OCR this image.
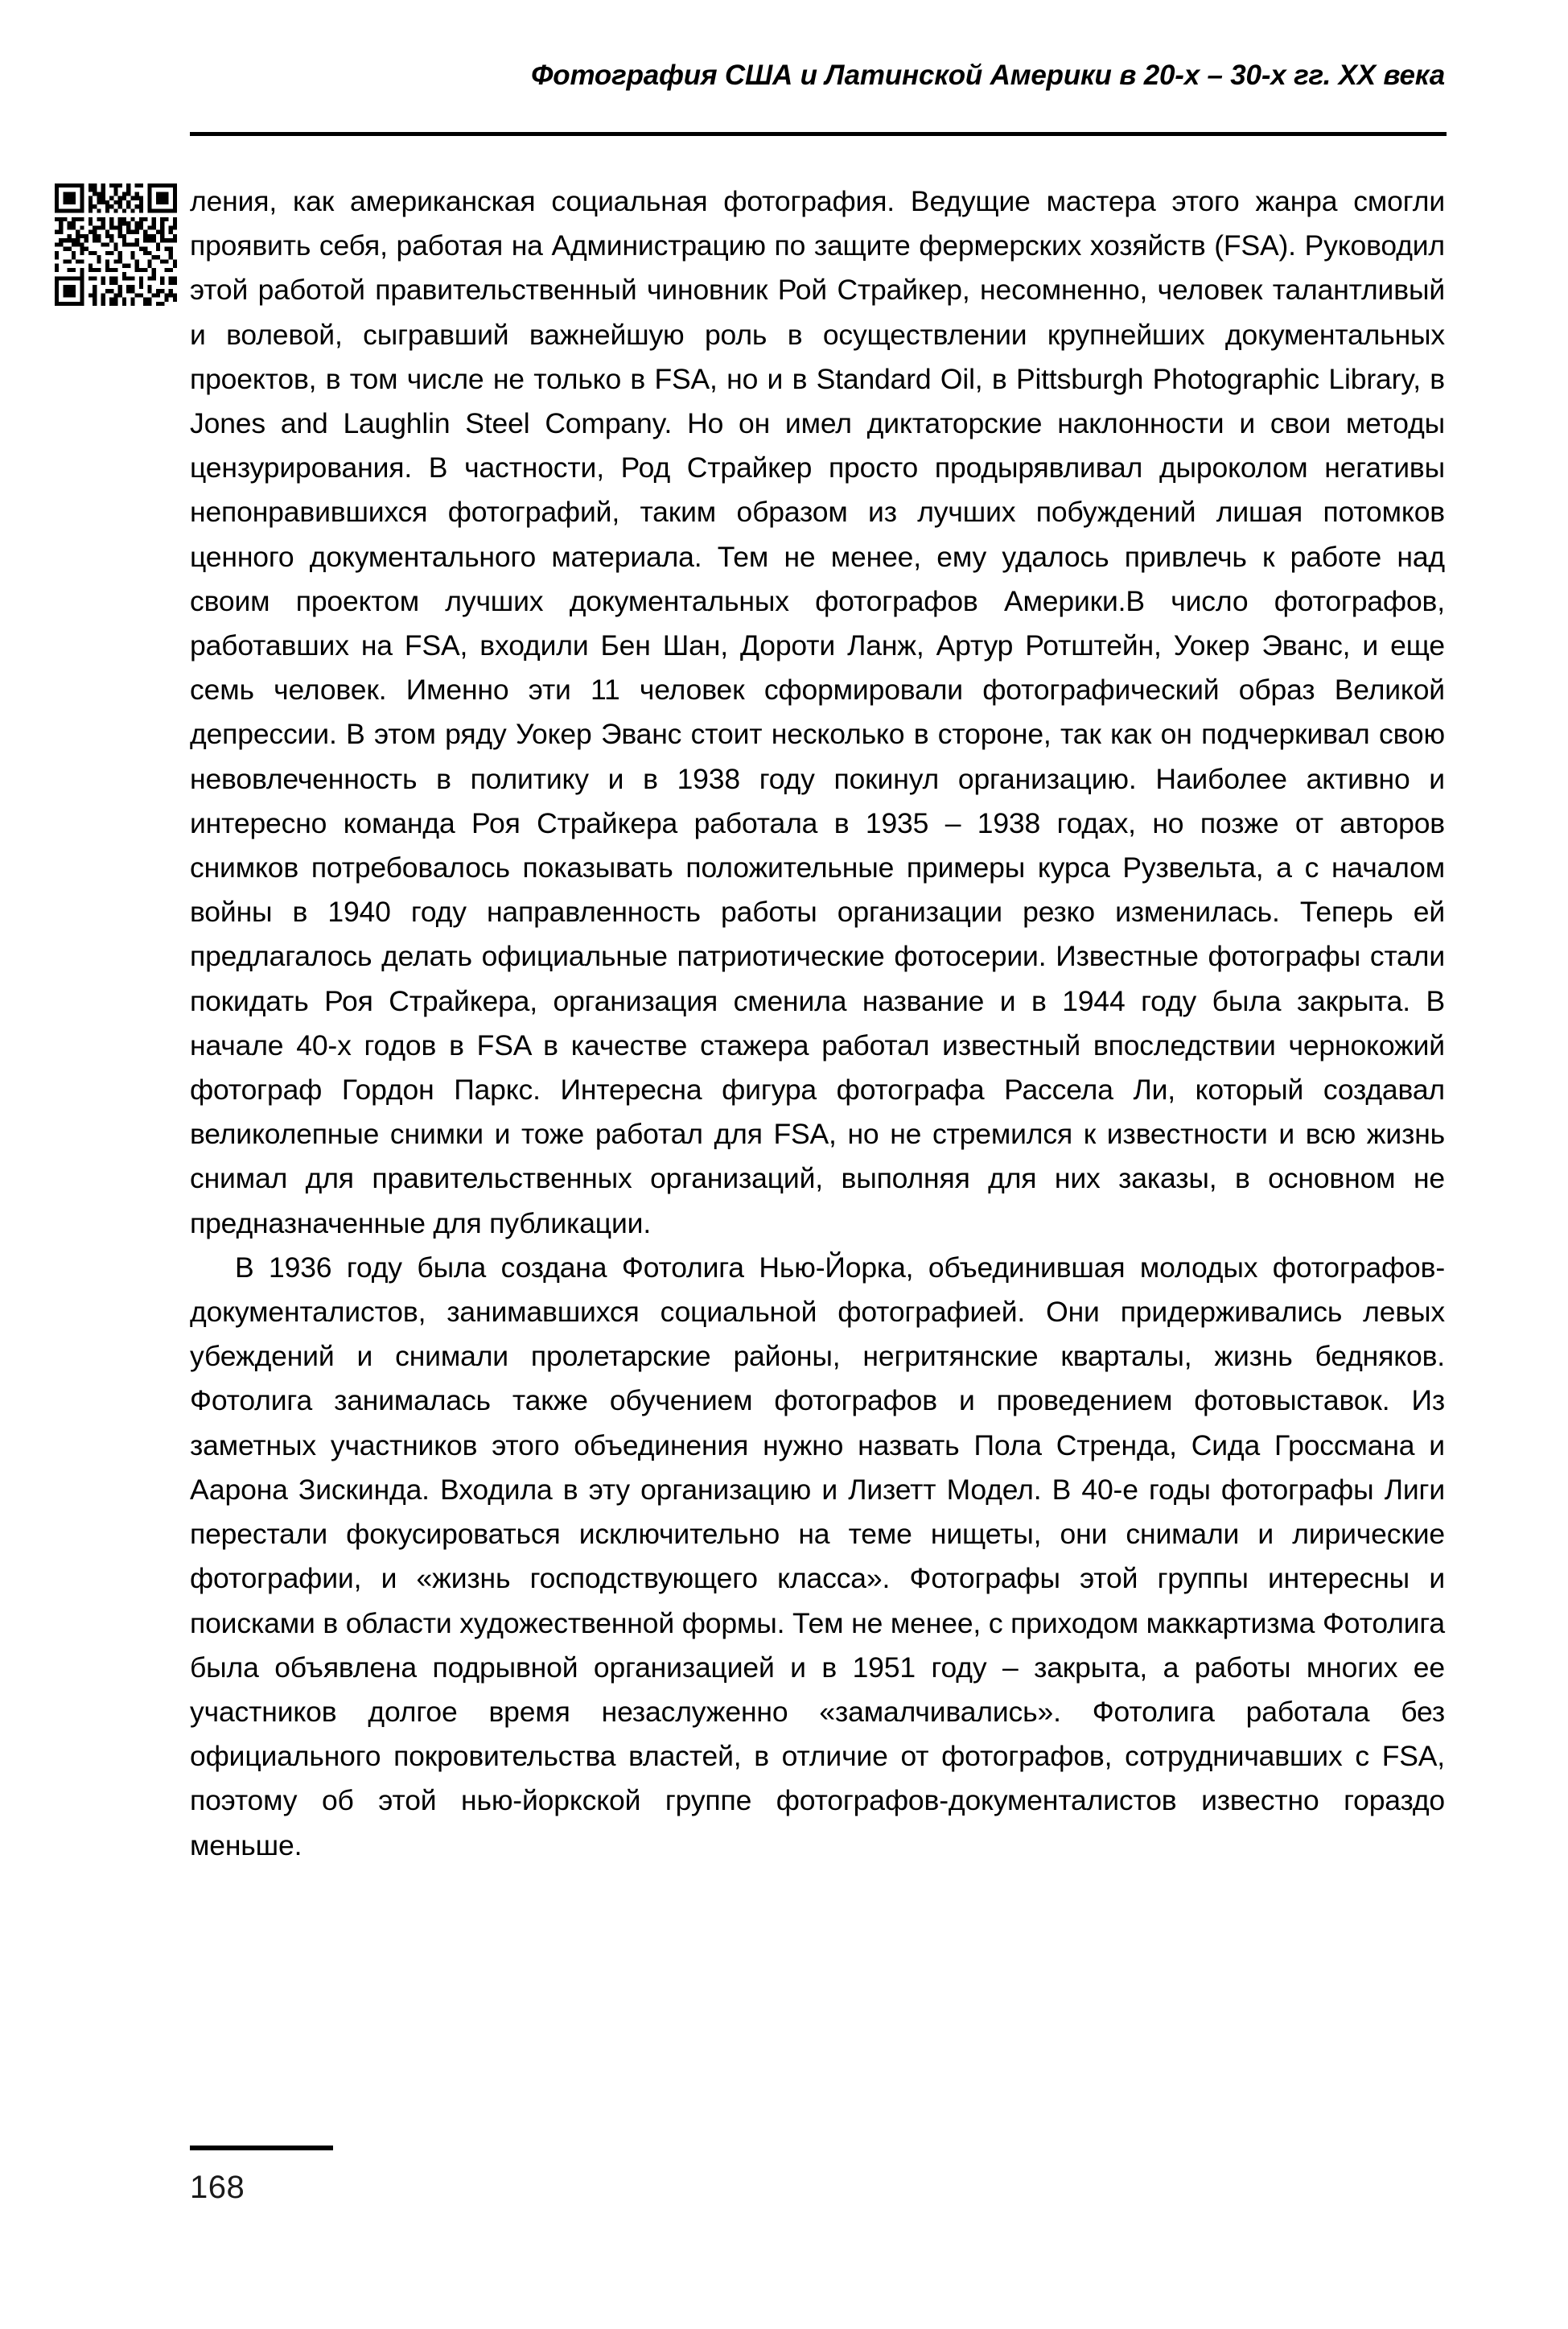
Фотография США и Латинской Америки в 20-х – 30-х гг. XX века

ления, как американская социальная фотография. Ведущие мастера этого жанра смогли проявить себя, работая на Администрацию по защите фермерских хозяйств (FSA). Руководил этой работой правительственный чиновник Рой Страйкер, несомненно, человек талантливый и волевой, сыгравший важнейшую роль в осуществлении крупнейших документальных проектов, в том числе не только в FSA, но и в Standard Oil, в Pittsburgh Photographic Library, в Jones and Laughlin Steel Company. Но он имел диктаторские наклонности и свои методы цензурирования. В частности, Род Страйкер просто продырявливал дыроколом негативы непонравившихся фотографий, таким образом из лучших побуждений лишая потомков ценного документального материала. Тем не менее, ему удалось привлечь к работе над своим проектом лучших документальных фотографов Америки.В число фотографов, работавших на FSA, входили Бен Шан, Дороти Ланж, Артур Ротштейн, Уокер Эванс, и еще семь человек. Именно эти 11 человек сформировали фотографический образ Великой депрессии. В этом ряду Уокер Эванс стоит несколько в стороне, так как он подчеркивал свою невовлеченность в политику и в 1938 году покинул организацию. Наиболее активно и интересно команда Роя Страйкера работала в 1935 – 1938 годах, но позже от авторов снимков потребовалось показывать положительные примеры курса Рузвельта, а с началом войны в 1940 году направленность работы организации резко изменилась. Теперь ей предлагалось делать официальные патриотические фотосерии. Известные фотографы стали покидать Роя Страйкера, организация сменила название и в 1944 году была закрыта. В начале 40-х годов в FSA в качестве стажера работал известный впоследствии чернокожий фотограф Гордон Паркс. Интересна фигура фотографа Рассела Ли, который создавал великолепные снимки и тоже работал для FSA, но не стремился к известности и всю жизнь снимал для правительственных организаций, выполняя для них заказы, в основном не предназначенные для публикации.

В 1936 году была создана Фотолига Нью-Йорка, объединившая молодых фотографов-документалистов, занимавшихся социальной фотографией. Они придерживались левых убеждений и снимали пролетарские районы, негритянские кварталы, жизнь бедняков. Фотолига занималась также обучением фотографов и проведением фотовыставок. Из заметных участников этого объединения нужно назвать Пола Стренда, Сида Гроссмана и Аарона Зискинда. Входила в эту организацию и Лизетт Модел. В 40-е годы фотографы Лиги перестали фокусироваться исключительно на теме нищеты, они снимали и лирические фотографии, и «жизнь господствующего класса». Фотографы этой группы интересны и поисками в области художественной формы. Тем не менее, с приходом маккартизма Фотолига была объявлена подрывной организацией и в 1951 году – закрыта, а работы многих ее участников долгое время незаслуженно «замалчивались». Фотолига работала без официального покровительства властей, в отличие от фотографов, сотрудничавших с FSA, поэтому об этой нью-йоркской группе фотографов-документалистов известно гораздо меньше.

168
